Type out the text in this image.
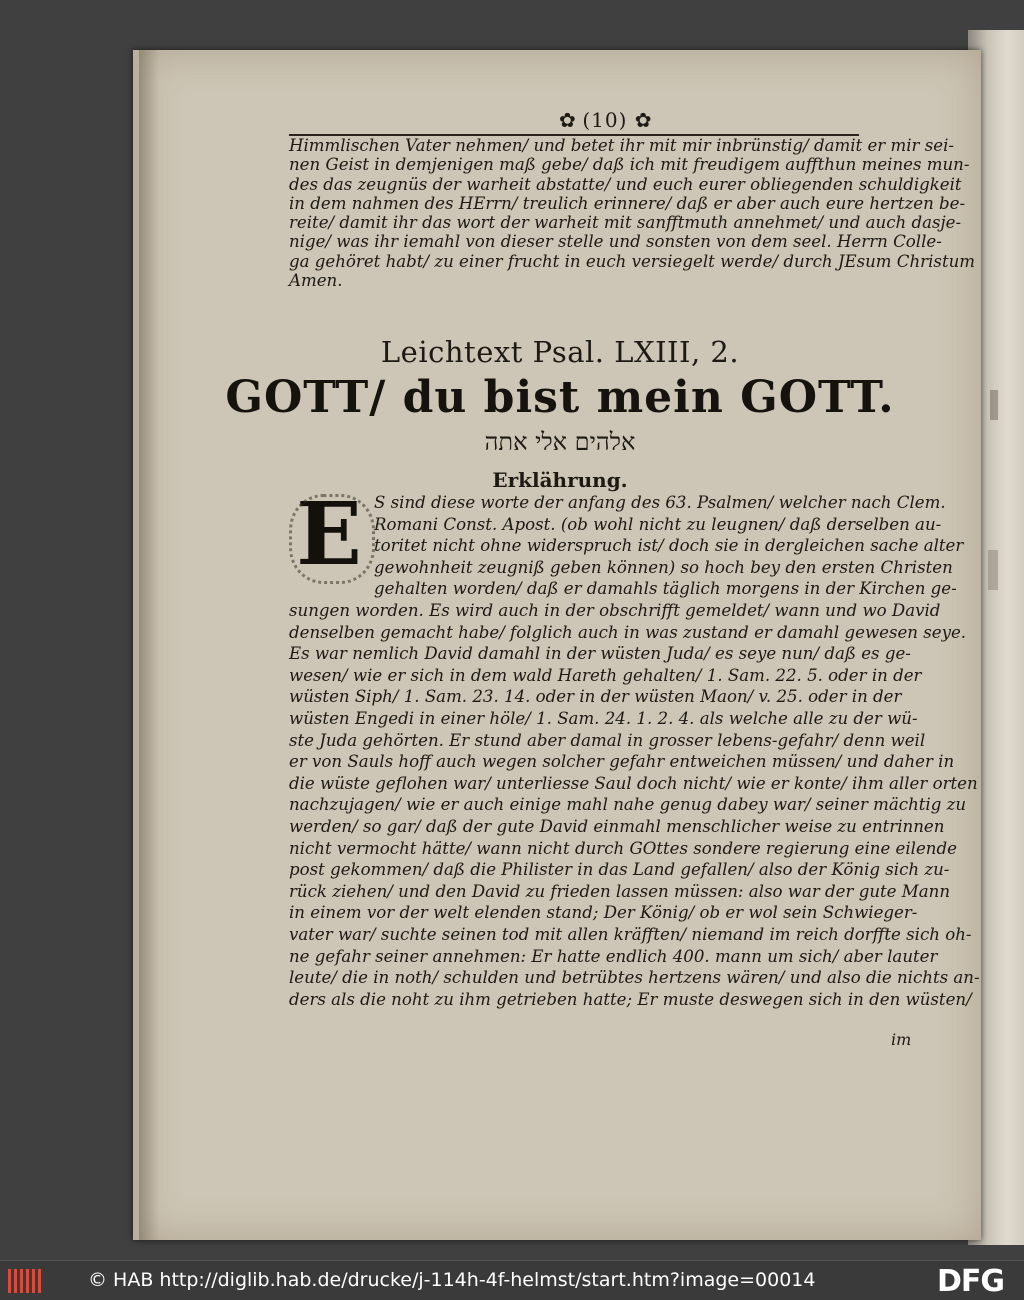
✿ (10) ✿
Himmlischen Vater nehmen/ und betet ihr mit mir inbrünstig/ damit er mir sei-
nen Geist in demjenigen maß gebe/ daß ich mit freudigem auffthun meines mun-
des das zeugnüs der warheit abstatte/ und euch eurer obliegenden schuldigkeit
in dem nahmen des HErrn/ treulich erinnere/ daß er aber auch eure hertzen be-
reite/ damit ihr das wort der warheit mit sanfftmuth annehmet/ und auch dasje-
nige/ was ihr iemahl von dieser stelle und sonsten von dem seel. Herrn Colle-
ga gehöret habt/ zu einer frucht in euch versiegelt werde/ durch JEsum Christum
Amen.
Leichtext Psal. LXIII, 2.
GOTT/ du bist mein GOTT.
אלהים אלי אתה
Erklährung.
E S sind diese worte der anfang des 63. Psalmen/ welcher nach Clem.
Romani Const. Apost. (ob wohl nicht zu leugnen/ daß derselben au-
toritet nicht ohne widerspruch ist/ doch sie in dergleichen sache alter
gewohnheit zeugniß geben können) so hoch bey den ersten Christen
gehalten worden/ daß er damahls täglich morgens in der Kirchen ge-
sungen worden. Es wird auch in der obschrifft gemeldet/ wann und wo David
denselben gemacht habe/ folglich auch in was zustand er damahl gewesen seye.
Es war nemlich David damahl in der wüsten Juda/ es seye nun/ daß es ge-
wesen/ wie er sich in dem wald Hareth gehalten/ 1. Sam. 22. 5. oder in der
wüsten Siph/ 1. Sam. 23. 14. oder in der wüsten Maon/ v. 25. oder in der
wüsten Engedi in einer höle/ 1. Sam. 24. 1. 2. 4. als welche alle zu der wü-
ste Juda gehörten. Er stund aber damal in grosser lebens-gefahr/ denn weil
er von Sauls hoff auch wegen solcher gefahr entweichen müssen/ und daher in
die wüste geflohen war/ unterliesse Saul doch nicht/ wie er konte/ ihm aller orten
nachzujagen/ wie er auch einige mahl nahe genug dabey war/ seiner mächtig zu
werden/ so gar/ daß der gute David einmahl menschlicher weise zu entrinnen
nicht vermocht hätte/ wann nicht durch GOttes sondere regierung eine eilende
post gekommen/ daß die Philister in das Land gefallen/ also der König sich zu-
rück ziehen/ und den David zu frieden lassen müssen: also war der gute Mann
in einem vor der welt elenden stand; Der König/ ob er wol sein Schwieger-
vater war/ suchte seinen tod mit allen kräfften/ niemand im reich dorffte sich oh-
ne gefahr seiner annehmen: Er hatte endlich 400. mann um sich/ aber lauter
leute/ die in noth/ schulden und betrübtes hertzens wären/ und also die nichts an-
ders als die noht zu ihm getrieben hatte; Er muste deswegen sich in den wüsten/
im
© HAB http://diglib.hab.de/drucke/j-114h-4f-helmst/start.htm?image=00014	DFG
